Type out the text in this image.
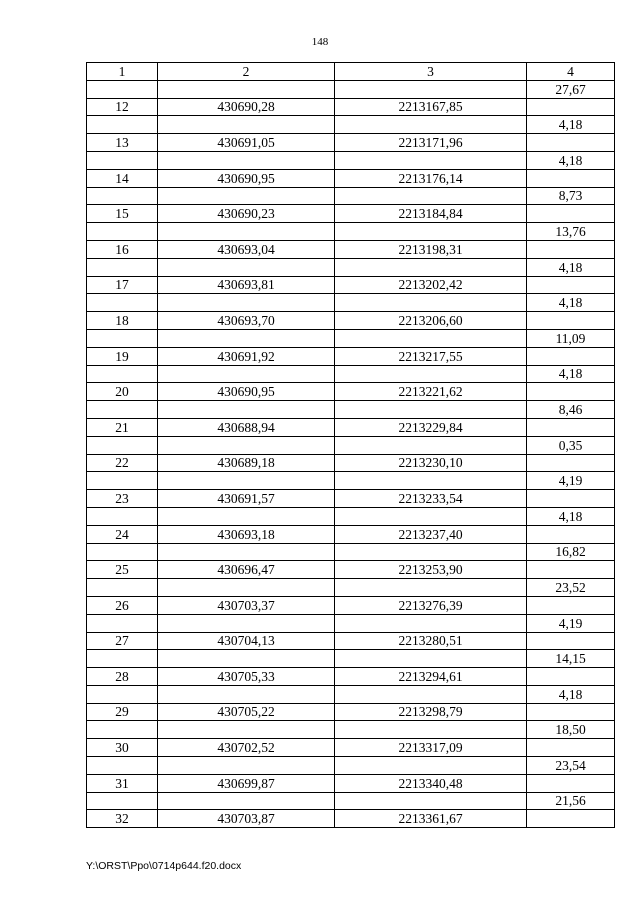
148
1	2	3	4
			27,67
12	430690,28	2213167,85	
			4,18
13	430691,05	2213171,96	
			4,18
14	430690,95	2213176,14	
			8,73
15	430690,23	2213184,84	
			13,76
16	430693,04	2213198,31	
			4,18
17	430693,81	2213202,42	
			4,18
18	430693,70	2213206,60	
			11,09
19	430691,92	2213217,55	
			4,18
20	430690,95	2213221,62	
			8,46
21	430688,94	2213229,84	
			0,35
22	430689,18	2213230,10	
			4,19
23	430691,57	2213233,54	
			4,18
24	430693,18	2213237,40	
			16,82
25	430696,47	2213253,90	
			23,52
26	430703,37	2213276,39	
			4,19
27	430704,13	2213280,51	
			14,15
28	430705,33	2213294,61	
			4,18
29	430705,22	2213298,79	
			18,50
30	430702,52	2213317,09	
			23,54
31	430699,87	2213340,48	
			21,56
32	430703,87	2213361,67	
Y:\ORST\Ppo\0714p644.f20.docx
